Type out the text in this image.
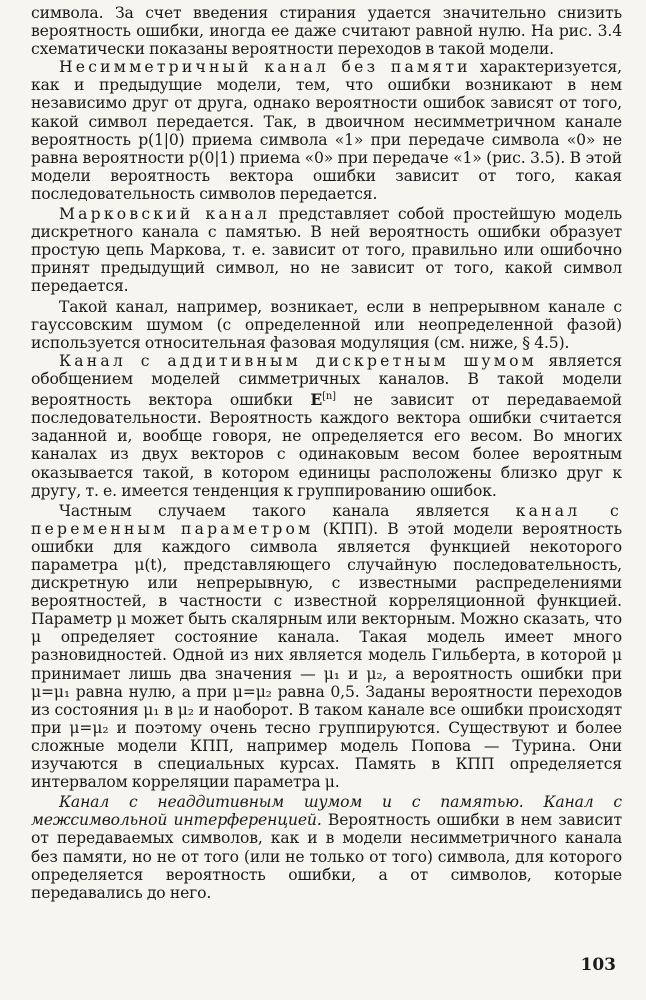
символа. За счет введения стирания удается значительно снизить вероятность ошибки, иногда ее даже считают равной нулю. На рис. 3.4 схематически показаны вероятности переходов в такой модели.

Несимметричный канал без памяти характеризуется, как и предыдущие модели, тем, что ошибки возникают в нем независимо друг от друга, однако вероятности ошибок зависят от того, какой символ передается. Так, в двоичном несимметричном канале вероятность p(1|0) приема символа «1» при передаче символа «0» не равна вероятности p(0|1) приема «0» при передаче «1» (рис. 3.5). В этой модели вероятность вектора ошибки зависит от того, какая последовательность символов передается.

Марковский канал представляет собой простейшую модель дискретного канала с памятью. В ней вероятность ошибки образует простую цепь Маркова, т. е. зависит от того, правильно или ошибочно принят предыдущий символ, но не зависит от того, какой символ передается.

Такой канал, например, возникает, если в непрерывном канале с гауссовским шумом (с определенной или неопределенной фазой) используется относительная фазовая модуляция (см. ниже, § 4.5).

Канал с аддитивным дискретным шумом является обобщением моделей симметричных каналов. В такой модели вероятность вектора ошибки E[n] не зависит от передаваемой последовательности. Вероятность каждого вектора ошибки считается заданной и, вообще говоря, не определяется его весом. Во многих каналах из двух векторов с одинаковым весом более вероятным оказывается такой, в котором единицы расположены близко друг к другу, т. е. имеется тенденция к группированию ошибок.

Частным случаем такого канала является канал с переменным параметром (КПП). В этой модели вероятность ошибки для каждого символа является функцией некоторого параметра μ(t), представляющего случайную последовательность, дискретную или непрерывную, с известными распределениями вероятностей, в частности с известной корреляционной функцией. Параметр μ может быть скалярным или векторным. Можно сказать, что μ определяет состояние канала. Такая модель имеет много разновидностей. Одной из них является модель Гильберта, в которой μ принимает лишь два значения — μ₁ и μ₂, а вероятность ошибки при μ=μ₁ равна нулю, а при μ=μ₂ равна 0,5. Заданы вероятности переходов из состояния μ₁ в μ₂ и наоборот. В таком канале все ошибки происходят при μ=μ₂ и поэтому очень тесно группируются. Существуют и более сложные модели КПП, например модель Попова — Турина. Они изучаются в специальных курсах. Память в КПП определяется интервалом корреляции параметра μ.

Канал с неаддитивным шумом и с памятью. Канал с межсимвольной интерференцией. Вероятность ошибки в нем зависит от передаваемых символов, как и в модели несимметричного канала без памяти, но не от того (или не только от того) символа, для которого определяется вероятность ошибки, а от символов, которые передавались до него.

103
